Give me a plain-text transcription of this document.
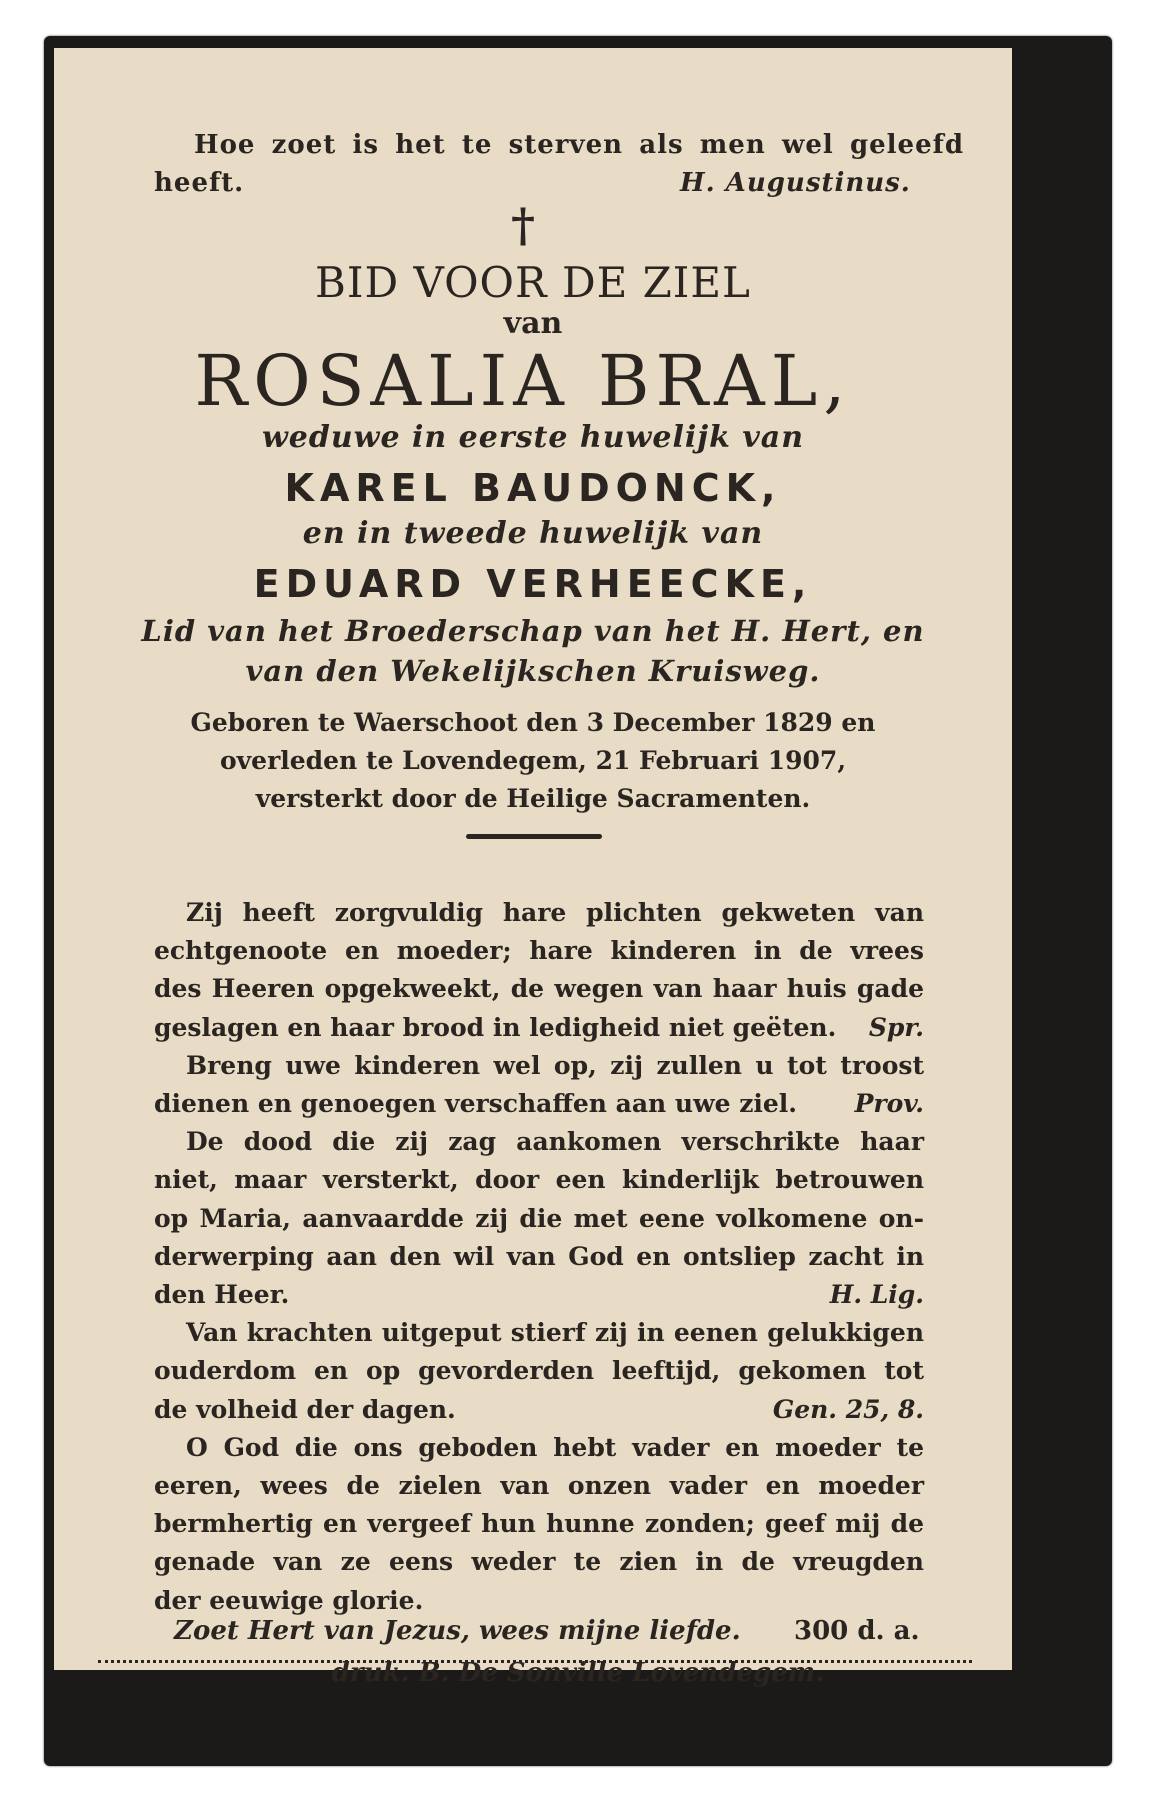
Hoe zoet is het te sterven als men wel geleefd
heeft.	H. Augustinus.
†
BID VOOR DE ZIEL
van
ROSALIA BRAL,
weduwe in eerste huwelijk van
KAREL BAUDONCK,
en in tweede huwelijk van
EDUARD VERHEECKE,
Lid van het Broederschap van het H. Hert, en
van den Wekelijkschen Kruisweg.
Geboren te Waerschoot den 3 December 1829 en
overleden te Lovendegem, 21 Februari 1907,
versterkt door de Heilige Sacramenten.
Zij heeft zorgvuldig hare plichten gekweten van
echtgenoote en moeder; hare kinderen in de vrees
des Heeren opgekweekt, de wegen van haar huis gade
geslagen en haar brood in ledigheid niet geëten.	Spr.
Breng uwe kinderen wel op, zij zullen u tot troost
dienen en genoegen verschaffen aan uwe ziel.	Prov.
De dood die zij zag aankomen verschrikte haar
niet, maar versterkt, door een kinderlijk betrouwen
op Maria, aanvaardde zij die met eene volkomene on-
derwerping aan den wil van God en ontsliep zacht in
den Heer.	H. Lig.
Van krachten uitgeput stierf zij in eenen gelukkigen
ouderdom en op gevorderden leeftijd, gekomen tot
de volheid der dagen.	Gen. 25, 8.
O God die ons geboden hebt vader en moeder te
eeren, wees de zielen van onzen vader en moeder
bermhertig en vergeef hun hunne zonden; geef mij de
genade van ze eens weder te zien in de vreugden
der eeuwige glorie.
Zoet Hert van Jezus, wees mijne liefde. 300 d. a.
druk. B. De Sonville Lovendegem.
